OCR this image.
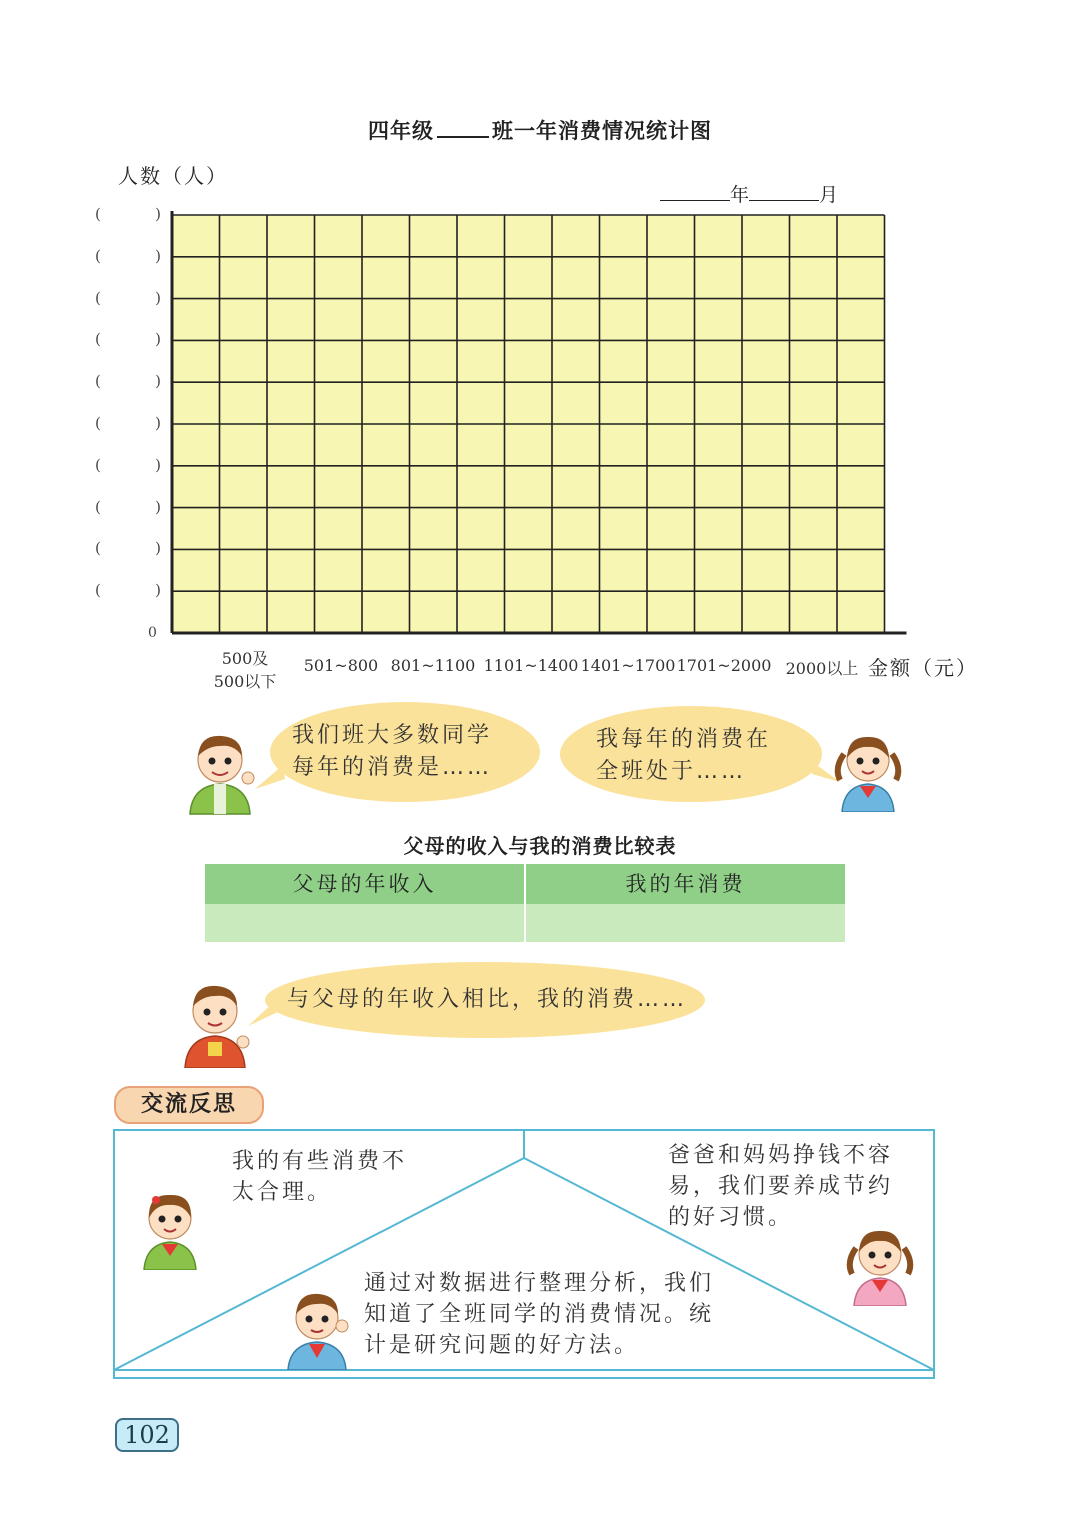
四年级	班一年消费情况统计图
人数（人）
年	月
(	)
(	)
(	)
(	)
(	)
(	)
(	)
(	)
(	)
(	)
0
500及
500以下
501~800 801~1100 1101~1400 1401~1700 1701~2000 2000以上 金额（元）
我们班大多数同学
每年的消费是……
我每年的消费在
全班处于……
父母的收入与我的消费比较表
父母的年收入	我的年消费
与父母的年收入相比，我的消费……
交流反思
我的有些消费不
太合理。
爸爸和妈妈挣钱不容
易，我们要养成节约
的好习惯。
通过对数据进行整理分析，我们
知道了全班同学的消费情况。统
计是研究问题的好方法。
102
